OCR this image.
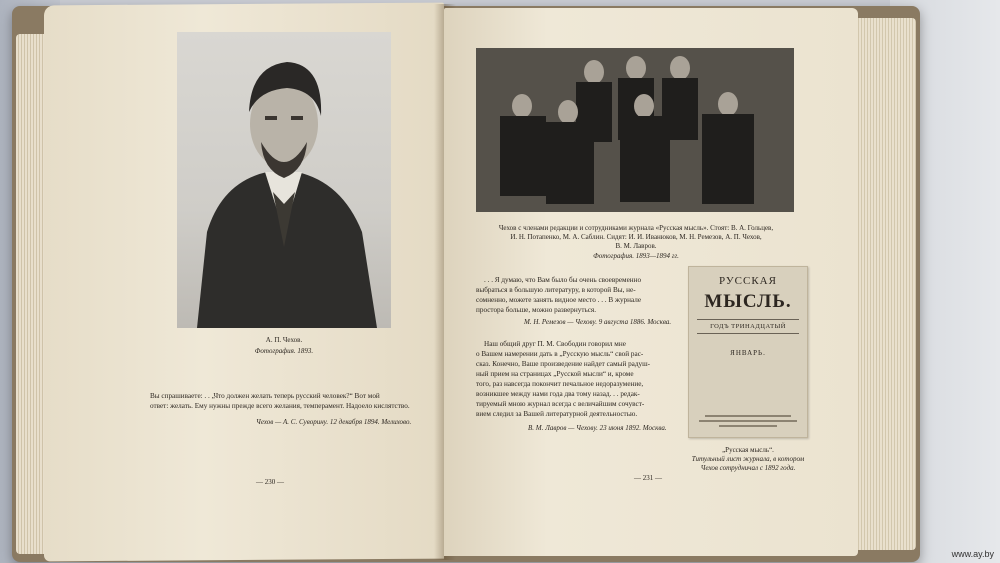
А. П. Чехов.
Фотография. 1893.
Вы спрашиваете: . . „Что должен желать теперь русский человек?“ Вот мой
ответ: желать. Ему нужны прежде всего желания, темперамент. Надоело кислятство.
Чехов — А. С. Суворину. 12 декабря 1894. Мелихово.
— 230 —
Чехов с членами редакции и сотрудниками журнала «Русская мысль». Стоят: В. А. Гольцев,
И. Н. Потапенко, М. А. Саблин. Сидят: И. И. Иванюков, М. Н. Ремезов, А. П. Чехов,
В. М. Лавров.
Фотография. 1893—1894 гг.
. . . Я думаю, что Вам было бы очень своевременно
выбраться в большую литературу, в которой Вы, не-
сомненно, можете занять видное место . . . В журнале
простора больше, можно развернуться.
М. Н. Ремезов — Чехову. 9 августа 1886. Москва.
Наш общий друг П. М. Свободин говорил мне
о Вашем намерении дать в „Русскую мысль“ свой рас-
сказ. Конечно, Ваше произведение найдет самый радуш-
ный прием на страницах „Русской мысли“ и, кроме
того, раз навсегда покончит печальное недоразумение,
возникшее между нами года два тому назад. . . редак-
тируемый мною журнал всегда с величайшим сочувст-
вием следил за Вашей литературной деятельностью.
В. М. Лавров — Чехову. 23 июня 1892. Москва.
РУССКАЯ
МЫСЛЬ.
ГОДЪ ТРИНАДЦАТЫЙ
ЯНВАРЬ.
„Русская мысль“.
Титульный лист журнала, в котором
Чехов сотрудничал с 1892 года.
— 231 —
www.ay.by
